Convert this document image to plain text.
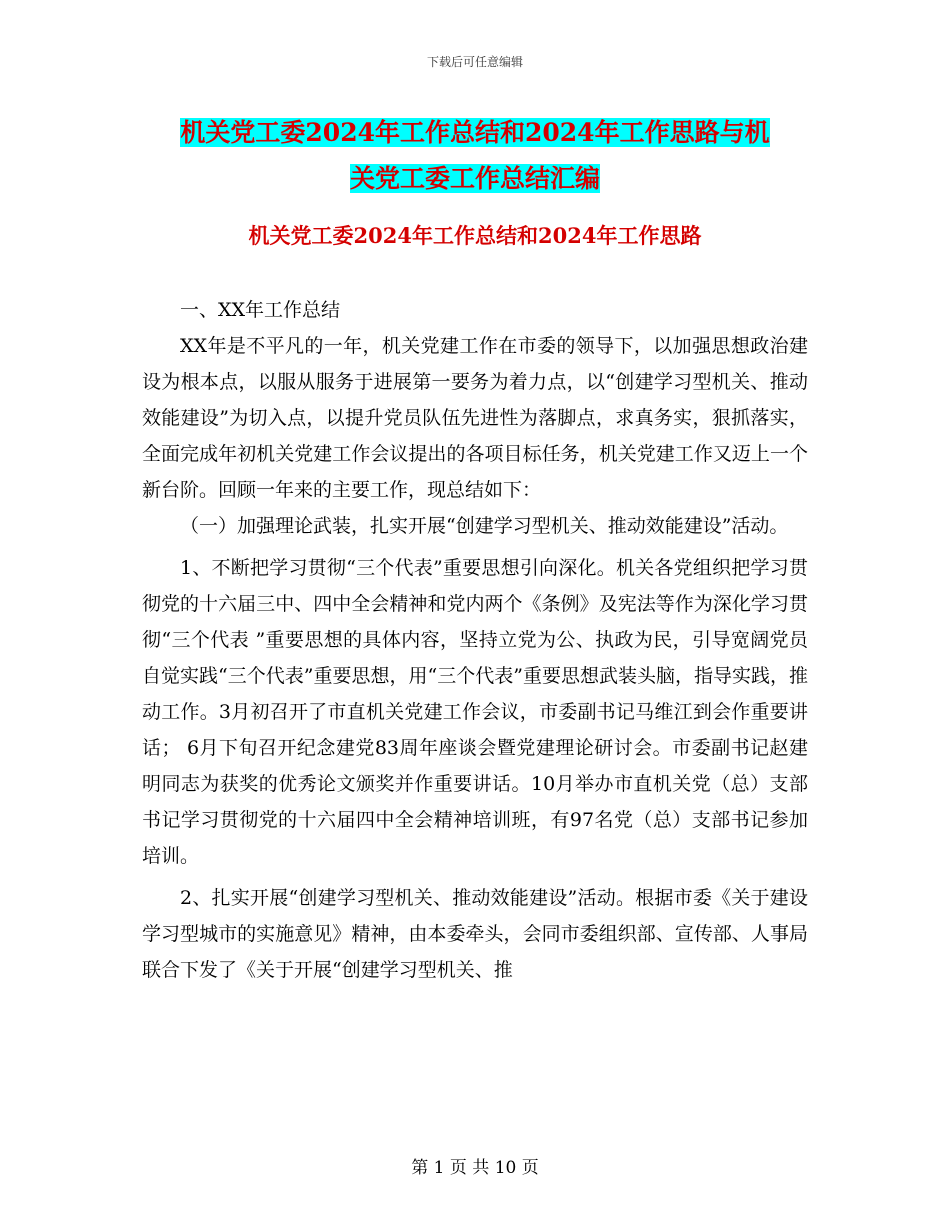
下载后可任意编辑
机关党工委2024年工作总结和2024年工作思路与机
关党工委工作总结汇编
机关党工委2024年工作总结和2024年工作思路

一、XX年工作总结

XX年是不平凡的一年，机关党建工作在市委的领导下，以加强思想政治建设为根本点，以服从服务于进展第一要务为着力点，以“创建学习型机关、推动效能建设”为切入点，以提升党员队伍先进性为落脚点，求真务实，狠抓落实，全面完成年初机关党建工作会议提出的各项目标任务，机关党建工作又迈上一个新台阶。回顾一年来的主要工作，现总结如下：

（一）加强理论武装，扎实开展“创建学习型机关、推动效能建设”活动。

1、不断把学习贯彻“三个代表”重要思想引向深化。机关各党组织把学习贯彻党的十六届三中、四中全会精神和党内两个《条例》及宪法等作为深化学习贯彻“三个代表 ”重要思想的具体内容，坚持立党为公、执政为民，引导宽阔党员自觉实践“三个代表”重要思想，用“三个代表”重要思想武装头脑，指导实践，推动工作。3月初召开了市直机关党建工作会议，市委副书记马维江到会作重要讲话； 6月下旬召开纪念建党83周年座谈会暨党建理论研讨会。市委副书记赵建明同志为获奖的优秀论文颁奖并作重要讲话。10月举办市直机关党（总）支部书记学习贯彻党的十六届四中全会精神培训班，有97名党（总）支部书记参加培训。

2、扎实开展“创建学习型机关、推动效能建设”活动。根据市委《关于建设学习型城市的实施意见》精神，由本委牵头，会同市委组织部、宣传部、人事局联合下发了《关于开展“创建学习型机关、推

第 1 页 共 10 页
